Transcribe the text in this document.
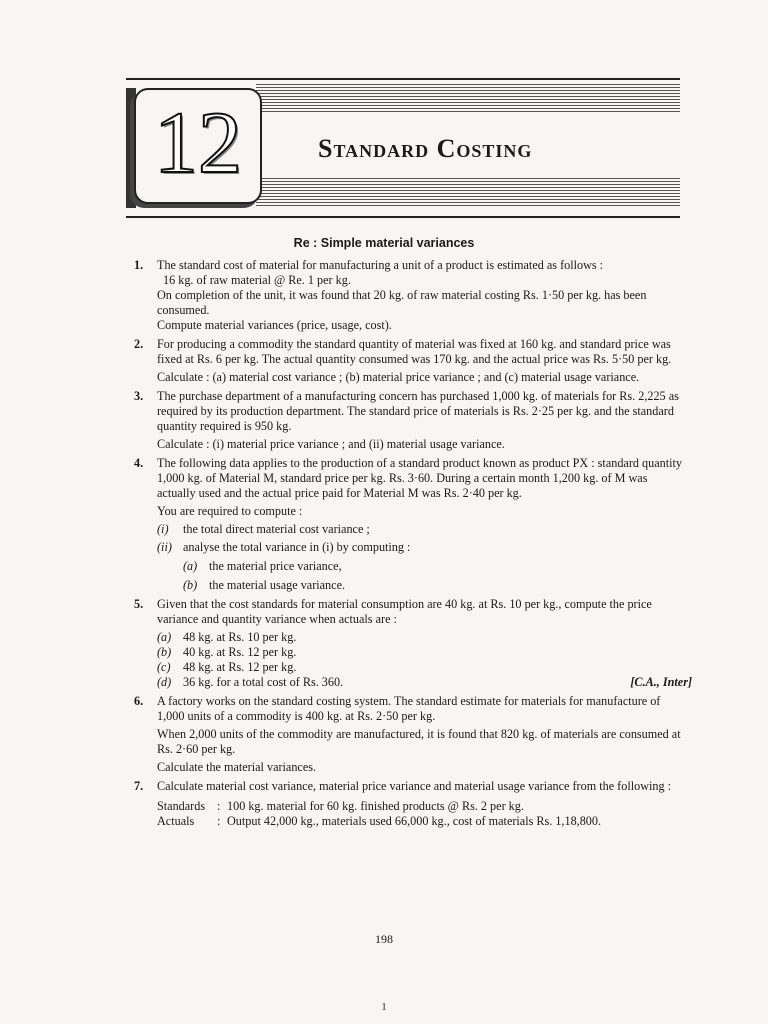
12	Standard Costing
Re : Simple material variances
1. The standard cost of material for manufacturing a unit of a product is estimated as follows :

16 kg. of raw material @ Re. 1 per kg.

On completion of the unit, it was found that 20 kg. of raw material costing Rs. 1·50 per kg. has been consumed.

Compute material variances (price, usage, cost).

2. For producing a commodity the standard quantity of material was fixed at 160 kg. and standard price was fixed at Rs. 6 per kg. The actual quantity consumed was 170 kg. and the actual price was Rs. 5·50 per kg.

Calculate : (a) material cost variance ; (b) material price variance ; and (c) material usage variance.

3. The purchase department of a manufacturing concern has purchased 1,000 kg. of materials for Rs. 2,225 as required by its production department. The standard price of materials is Rs. 2·25 per kg. and the standard quantity required is 950 kg.

Calculate : (i) material price variance ; and (ii) material usage variance.

4. The following data applies to the production of a standard product known as product PX : standard quantity 1,000 kg. of Material M, standard price per kg. Rs. 3·60. During a certain month 1,200 kg. of M was actually used and the actual price paid for Material M was Rs. 2·40 per kg.

You are required to compute :

(i) the total direct material cost variance ;
(ii) analyse the total variance in (i) by computing :
(a) the material price variance,
(b) the material usage variance.
5. Given that the cost standards for material consumption are 40 kg. at Rs. 10 per kg., compute the price variance and quantity variance when actuals are :

(a) 48 kg. at Rs. 10 per kg.
(b) 40 kg. at Rs. 12 per kg.
(c) 48 kg. at Rs. 12 per kg.
(d) 36 kg. for a total cost of Rs. 360.	[C.A., Inter]
6. A factory works on the standard costing system. The standard estimate for materials for manufacture of 1,000 units of a commodity is 400 kg. at Rs. 2·50 per kg.

When 2,000 units of the commodity are manufactured, it is found that 820 kg. of materials are consumed at Rs. 2·60 per kg.

Calculate the material variances.

7. Calculate material cost variance, material price variance and material usage variance from the following :

Standards : 100 kg. material for 60 kg. finished products @ Rs. 2 per kg.
Actuals	: Output 42,000 kg., materials used 66,000 kg., cost of materials Rs. 1,18,800.
198
1
